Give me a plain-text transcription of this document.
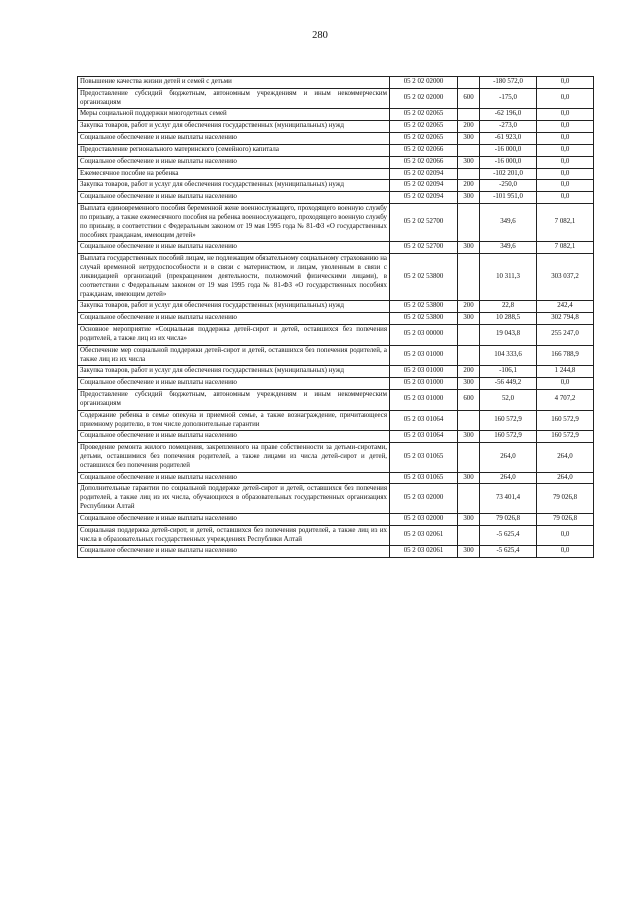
280
Повышение качества жизни детей и семей с детьми	05 2 02 02000		-180 572,0	0,0
Предоставление субсидий бюджетным, автономным учреждениям и иным некоммерческим организациям	05 2 02 02000	600	-175,0	0,0
Меры социальной поддержки многодетных семей	05 2 02 02065		-62 196,0	0,0
Закупка товаров, работ и услуг для обеспечения государственных (муниципальных) нужд	05 2 02 02065	200	-273,0	0,0
Социальное обеспечение и иные выплаты населению	05 2 02 02065	300	-61 923,0	0,0
Предоставление регионального материнского (семейного) капитала	05 2 02 02066		-16 000,0	0,0
Социальное обеспечение и иные выплаты населению	05 2 02 02066	300	-16 000,0	0,0
Ежемесячное пособие на ребенка	05 2 02 02094		-102 201,0	0,0
Закупка товаров, работ и услуг для обеспечения государственных (муниципальных) нужд	05 2 02 02094	200	-250,0	0,0
Социальное обеспечение и иные выплаты населению	05 2 02 02094	300	-101 951,0	0,0
Выплата единовременного пособия беременной жене военнослужащего, проходящего военную службу по призыву, а также ежемесячного пособия на ребенка военнослужащего, проходящего военную службу по призыву, в соответствии с Федеральным законом от 19 мая 1995 года № 81-ФЗ «О государственных пособиях гражданам, имеющим детей»	05 2 02 52700		349,6	7 082,1
Социальное обеспечение и иные выплаты населению	05 2 02 52700	300	349,6	7 082,1
Выплата государственных пособий лицам, не подлежащим обязательному социальному страхованию на случай временной нетрудоспособности и в связи с материнством, и лицам, уволенным в связи с ликвидацией организаций (прекращением деятельности, полномочий физическими лицами), в соответствии с Федеральным законом от 19 мая 1995 года № 81-ФЗ «О государственных пособиях гражданам, имеющим детей»	05 2 02 53800		10 311,3	303 037,2
Закупка товаров, работ и услуг для обеспечения государственных (муниципальных) нужд	05 2 02 53800	200	22,8	242,4
Социальное обеспечение и иные выплаты населению	05 2 02 53800	300	10 288,5	302 794,8
Основное мероприятие «Социальная поддержка детей-сирот и детей, оставшихся без попечения родителей, а также лиц из их числа»	05 2 03 00000		19 043,8	255 247,0
Обеспечение мер социальной поддержки детей-сирот и детей, оставшихся без попечения родителей, а также лиц из их числа	05 2 03 01000		104 333,6	166 788,9
Закупка товаров, работ и услуг для обеспечения государственных (муниципальных) нужд	05 2 03 01000	200	-106,1	1 244,8
Социальное обеспечение и иные выплаты населению	05 2 03 01000	300	-56 449,2	0,0
Предоставление субсидий бюджетным, автономным учреждениям и иным некоммерческим организациям	05 2 03 01000	600	52,0	4 707,2
Содержание ребенка в семье опекуна и приемной семье, а также вознаграждение, причитающееся приемному родителю, в том числе дополнительные гарантии	05 2 03 01064		160 572,9	160 572,9
Социальное обеспечение и иные выплаты населению	05 2 03 01064	300	160 572,9	160 572,9
Проведение ремонта жилого помещения, закрепленного на праве собственности за детьми-сиротами, детьми, оставшимися без попечения родителей, а также лицами из числа детей-сирот и детей, оставшихся без попечения родителей	05 2 03 01065		264,0	264,0
Социальное обеспечение и иные выплаты населению	05 2 03 01065	300	264,0	264,0
Дополнительные гарантии по социальной поддержке детей-сирот и детей, оставшихся без попечения родителей, а также лиц из их числа, обучающихся в образовательных государственных организациях Республики Алтай	05 2 03 02000		73 401,4	79 026,8
Социальное обеспечение и иные выплаты населению	05 2 03 02000	300	79 026,8	79 026,8
Социальная поддержка детей-сирот, и детей, оставшихся без попечения родителей, а также лиц из их числа в образовательных государственных учреждениях Республики Алтай	05 2 03 02061		-5 625,4	0,0
Социальное обеспечение и иные выплаты населению	05 2 03 02061	300	-5 625,4	0,0
